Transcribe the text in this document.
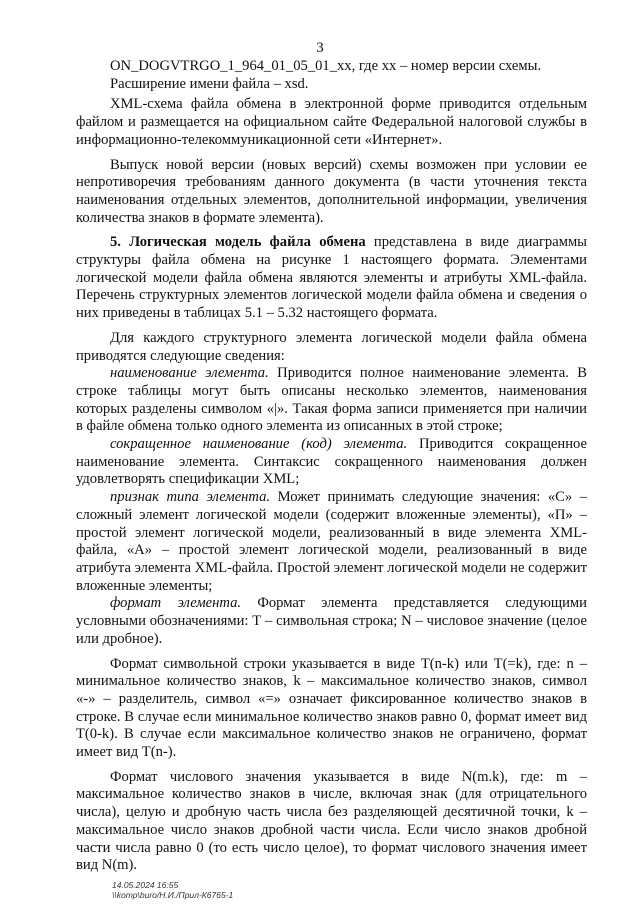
3

ON_DOGVTRGO_1_964_01_05_01_xx, где xx – номер версии схемы.

Расширение имени файла – xsd.

XML-схема файла обмена в электронной форме приводится отдельным файлом и размещается на официальном сайте Федеральной налоговой службы в информационно-телекоммуникационной сети «Интернет».

Выпуск новой версии (новых версий) схемы возможен при условии ее непротиворечия требованиям данного документа (в части уточнения текста наименования отдельных элементов, дополнительной информации, увеличения количества знаков в формате элемента).

5. Логическая модель файла обмена представлена в виде диаграммы структуры файла обмена на рисунке 1 настоящего формата. Элементами логической модели файла обмена являются элементы и атрибуты XML-файла. Перечень структурных элементов логической модели файла обмена и сведения о них приведены в таблицах 5.1 – 5.32 настоящего формата.

Для каждого структурного элемента логической модели файла обмена приводятся следующие сведения:

наименование элемента. Приводится полное наименование элемента. В строке таблицы могут быть описаны несколько элементов, наименования которых разделены символом «|». Такая форма записи применяется при наличии в файле обмена только одного элемента из описанных в этой строке;

сокращенное наименование (код) элемента. Приводится сокращенное наименование элемента. Синтаксис сокращенного наименования должен удовлетворять спецификации XML;

признак типа элемента. Может принимать следующие значения: «С» – сложный элемент логической модели (содержит вложенные элементы), «П» – простой элемент логической модели, реализованный в виде элемента XML-файла, «А» – простой элемент логической модели, реализованный в виде атрибута элемента XML-файла. Простой элемент логической модели не содержит вложенные элементы;

формат элемента. Формат элемента представляется следующими условными обозначениями: Т – символьная строка; N – числовое значение (целое или дробное).

Формат символьной строки указывается в виде Т(n-k) или Т(=k), где: n – минимальное количество знаков, k – максимальное количество знаков, символ «-» – разделитель, символ «=» означает фиксированное количество знаков в строке. В случае если минимальное количество знаков равно 0, формат имеет вид Т(0-k). В случае если максимальное количество знаков не ограничено, формат имеет вид Т(n-).

Формат числового значения указывается в виде N(m.k), где: m – максимальное количество знаков в числе, включая знак (для отрицательного числа), целую и дробную часть числа без разделяющей десятичной точки, k – максимальное число знаков дробной части числа. Если число знаков дробной части числа равно 0 (то есть число целое), то формат числового значения имеет вид N(m).

14.05.2024 16:55
\\komp\buro/Н.И./Прил-К6765-1
